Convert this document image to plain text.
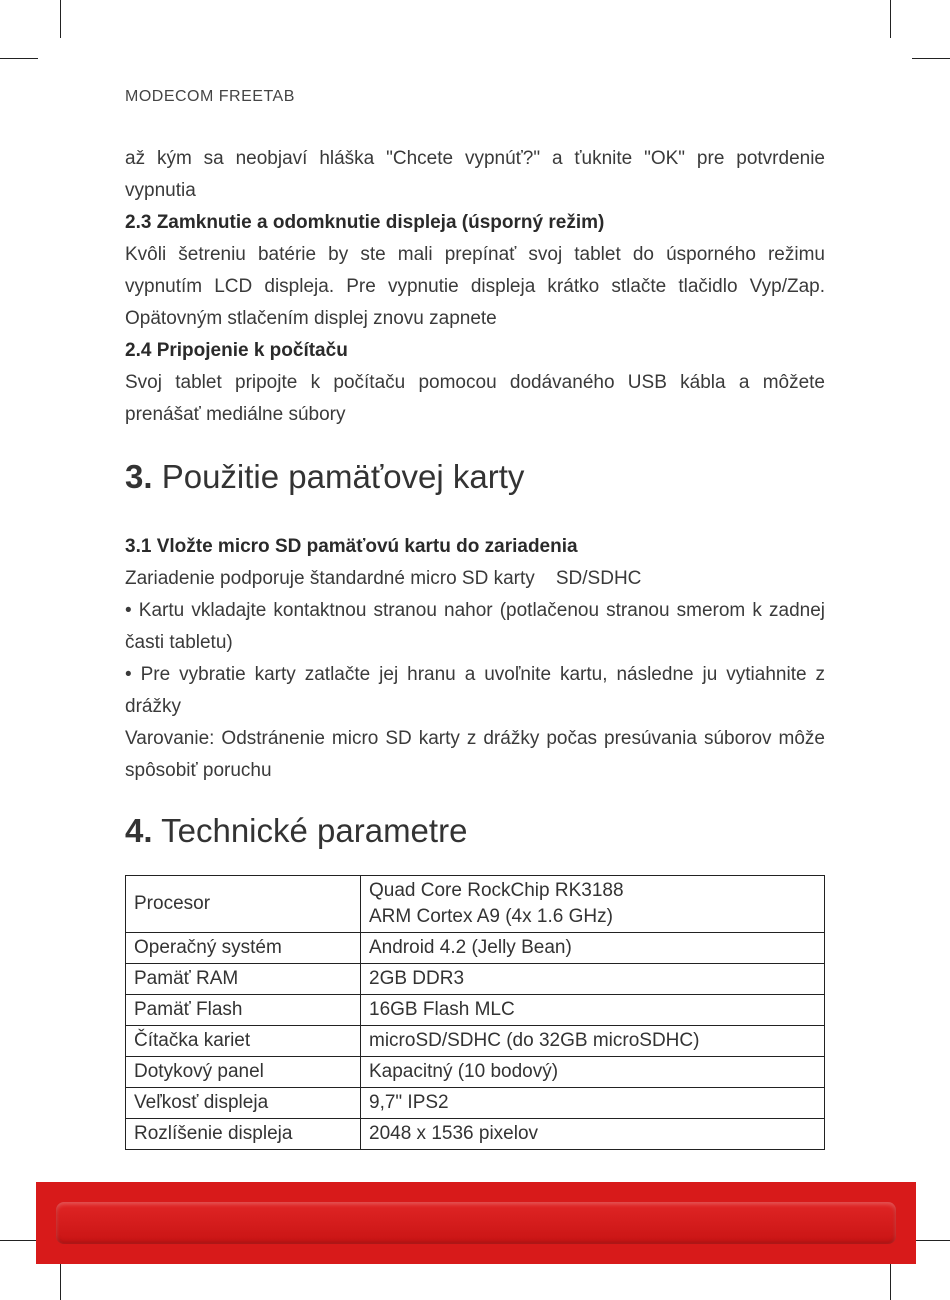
MODECOM FREETAB

až kým sa neobjaví hláška "Chcete vypnúť?" a ťuknite "OK" pre potvrdenie vypnutia

2.3 Zamknutie a odomknutie displeja (úsporný režim)

Kvôli šetreniu batérie by ste mali prepínať svoj tablet do úsporného režimu vypnutím LCD displeja. Pre vypnutie displeja krátko stlačte tlačidlo Vyp/Zap. Opätovným stlačením displej znovu zapnete

2.4 Pripojenie k počítaču

Svoj tablet pripojte k počítaču pomocou dodávaného USB kábla a môžete prenášať mediálne súbory

3. Použitie pamäťovej karty

3.1 Vložte micro SD pamäťovú kartu do zariadenia

Zariadenie podporuje štandardné micro SD karty    SD/SDHC

• Kartu vkladajte kontaktnou stranou nahor (potlačenou stranou smerom k zadnej časti tabletu)

• Pre vybratie karty zatlačte jej hranu a uvoľnite kartu, následne ju vytiahnite z drážky

Varovanie: Odstránenie micro SD karty z drážky počas presúvania súborov môže spôsobiť poruchu

4. Technické parametre
Procesor	Quad Core RockChip RK3188
ARM Cortex A9 (4x 1.6 GHz)
Operačný systém	Android 4.2 (Jelly Bean)
Pamäť RAM	2GB DDR3
Pamäť Flash	16GB Flash MLC
Čítačka kariet	microSD/SDHC (do 32GB microSDHC)
Dotykový panel	Kapacitný (10 bodový)
Veľkosť displeja	9,7" IPS2
Rozlíšenie displeja	2048 x 1536 pixelov
